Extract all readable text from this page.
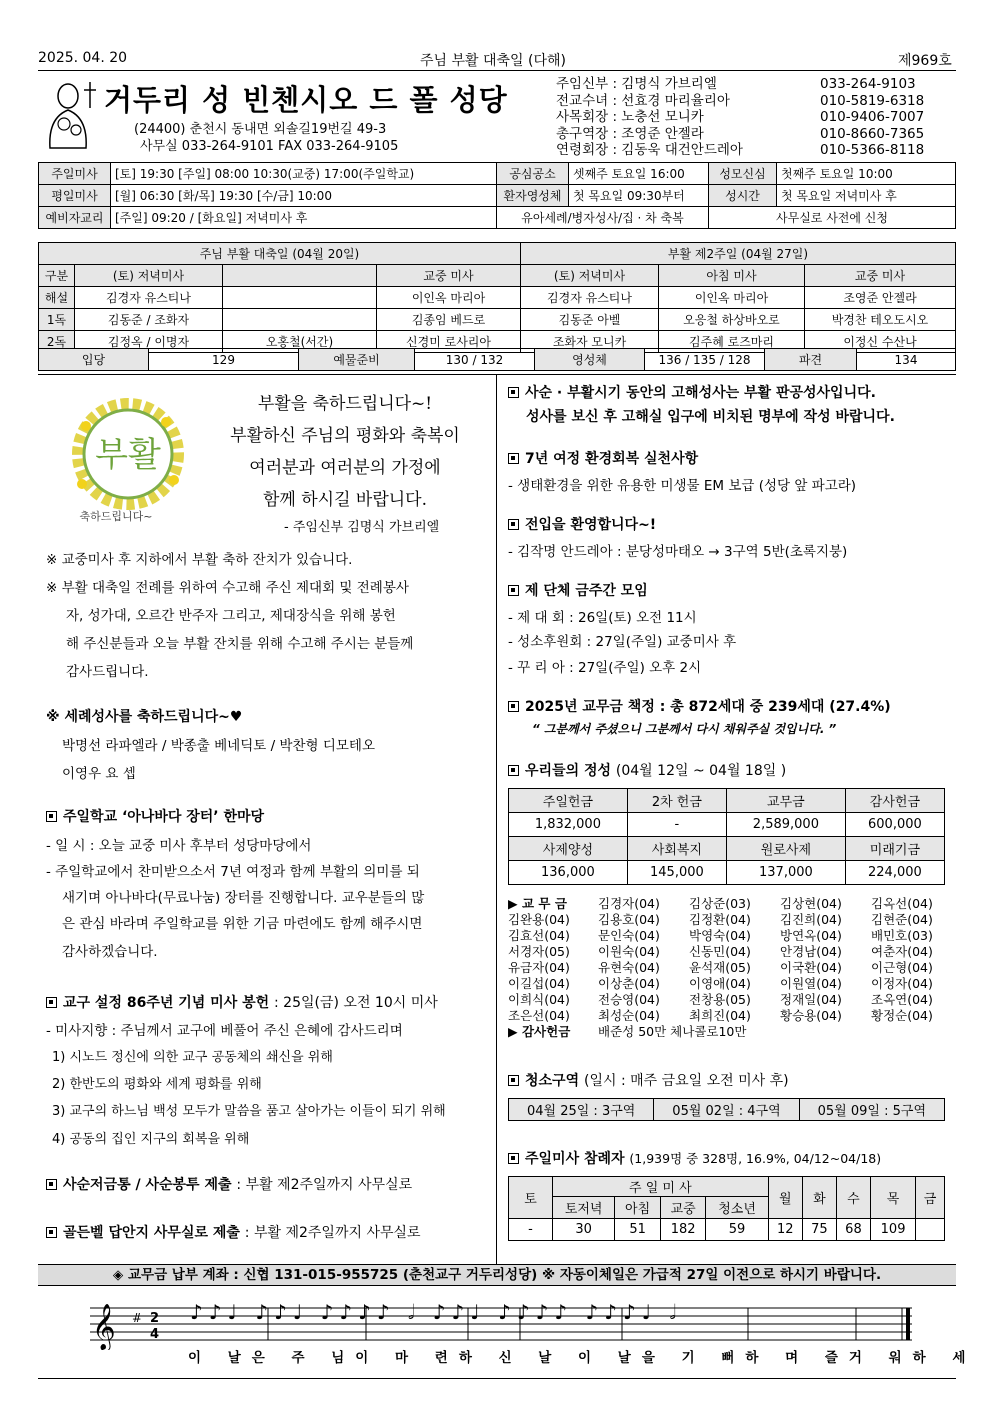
2025. 04. 20	주님 부활 대축일 (다해)	제969호
거두리 성 빈첸시오 드 폴 성당
(24400) 춘천시 동내면 외솔길19번길 49-3
사무실 033-264-9101 FAX 033-264-9105
주임신부 : 김명식 가브리엘	033-264-9103
전교수녀 : 선효경 마리율리아	010-5819-6318
사목회장 : 노충선 모니카	010-9406-7007
총구역장 : 조영준 안젤라	010-8660-7365
연령회장 : 김동욱 대건안드레아	010-5366-8118
주일미사	[토] 19:30 [주일] 08:00 10:30(교중) 17:00(주일학교)	공심공소	셋째주 토요일 16:00	성모신심	첫째주 토요일 10:00
평일미사	[월] 06:30 [화/목] 19:30 [수/금] 10:00	환자영성체	첫 목요일 09:30부터	성시간	첫 목요일 저녁미사 후
예비자교리	[주일] 09:20 / [화요일] 저녁미사 후	유아세례/병자성사/집 · 차 축복		사무실로 사전에 신청	
주님 부활 대축일 (04월 20일)				부활 제2주일 (04월 27일)		
구분	(토) 저녁미사		교중 미사	(토) 저녁미사	아침 미사	교중 미사
해설	김경자 유스티나		이인옥 마리아	김경자 유스티나	이인옥 마리아	조영준 안젤라
1독	김동준 / 조화자		김종임 베드로	김동준 아벨	오응철 하상바오로	박경찬 테오도시오
2독	김정옥 / 이명자	오홍철(서간)	신경미 로사리아	조화자 모니카	김주혜 로즈마리	이정신 수산나
입당	129	예물준비	130 / 132	영성체	136 / 135 / 128	파견	134
부활
축하드립니다~
부활을 축하드립니다~!
부활하신 주님의 평화와 축복이
여러분과 여러분의 가정에
함께 하시길 바랍니다.
- 주임신부 김명식 가브리엘
※ 교중미사 후 지하에서 부활 축하 잔치가 있습니다.
※ 부활 대축일 전례를 위하여 수고해 주신 제대회 및 전례봉사
자, 성가대, 오르간 반주자 그리고, 제대장식을 위해 봉헌
해 주신분들과 오늘 부활 잔치를 위해 수고해 주시는 분들께
감사드립니다.
※ 세례성사를 축하드립니다~♥
박명선 라파엘라 / 박종출 베네딕토 / 박찬형 디모테오
이영우 요 셉
주일학교 ‘아나바다 장터’ 한마당
- 일 시 : 오늘 교중 미사 후부터 성당마당에서
- 주일학교에서 찬미받으소서 7년 여정과 함께 부활의 의미를 되
새기며 아나바다(무료나눔) 장터를 진행합니다. 교우분들의 많
은 관심 바라며 주일학교를 위한 기금 마련에도 함께 해주시면
감사하겠습니다.
교구 설정 86주년 기념 미사 봉헌 : 25일(금) 오전 10시 미사
- 미사지향 : 주님께서 교구에 베풀어 주신 은혜에 감사드리며
1) 시노드 정신에 의한 교구 공동체의 쇄신을 위해
2) 한반도의 평화와 세계 평화를 위해
3) 교구의 하느님 백성 모두가 말씀을 품고 살아가는 이들이 되기 위해
4) 공동의 집인 지구의 회복을 위해
사순저금통 / 사순봉투 제출 : 부활 제2주일까지 사무실로
골든벨 답안지 사무실로 제출 : 부활 제2주일까지 사무실로
사순 · 부활시기 동안의 고해성사는 부활 판공성사입니다.
성사를 보신 후 고해실 입구에 비치된 명부에 작성 바랍니다.
7년 여정 환경회복 실천사항
- 생태환경을 위한 유용한 미생물 EM 보급 (성당 앞 파고라)
전입을 환영합니다~!
- 김작명 안드레아 : 분당성마태오 → 3구역 5반(초록지붕)
제 단체 금주간 모임
- 제 대 회 : 26일(토) 오전 11시
- 성소후원회 : 27일(주일) 교중미사 후
- 꾸 리 아 : 27일(주일) 오후 2시
2025년 교무금 책정 : 총 872세대 중 239세대 (27.4%)
“ 그분께서 주셨으니 그분께서 다시 채워주실 것입니다. ”
우리들의 정성 (04월 12일 ~ 04월 18일 )
주일헌금	2차 헌금	교무금	감사헌금
1,832,000	-	2,589,000	600,000
사제양성	사회복지	원로사제	미래기금
136,000	145,000	137,000	224,000
▶ 교 무 금 김경자(04) 김상준(03) 김상현(04) 김옥선(04)
김완용(04) 김용호(04) 김정환(04) 김진희(04) 김현준(04)
김효선(04) 문인숙(04) 박영숙(04) 방연옥(04) 배민호(03)
서경자(05) 이원숙(04) 신동민(04) 안경남(04) 여춘자(04)
유금자(04) 유현숙(04) 윤석재(05) 이국환(04) 이근형(04)
이길섭(04) 이상춘(04) 이영애(04) 이원열(04) 이정자(04)
이희식(04) 전승영(04) 전창용(05) 정재일(04) 조옥연(04)
조은선(04) 최성순(04) 최희진(04) 황승용(04) 황정순(04)
▶ 감사헌금 배준성 50만 체나콜로10만
청소구역 (일시 : 매주 금요일 오전 미사 후)
04월 25일 : 3구역	05월 02일 : 4구역	05월 09일 : 5구역
주일미사 참례자 (1,939명 중 328명, 16.9%, 04/12~04/18)
토	주 일 미 사				월	화	수	목	금
	토저녁	아침	교중	청소년					
-	30	51	182	59	12	75	68	109	
◈ 교무금 납부 계좌 : 신협 131-015-955725 (춘천교구 거두리성당) ※ 자동이체일은 가급적 27일 이전으로 하시기 바랍니다.
𝄞 # 2
4
♪♪♩ ♪♪♩ ♪♪♪♪ 𝅗𝅥 ♪♪♩ ♪♪♪♪ ♪♪♪♩ 𝅗𝅥
이 날은 주 님이 마 련하 신 날 이 날을 기 뻐하 며 즐거 워하 세
